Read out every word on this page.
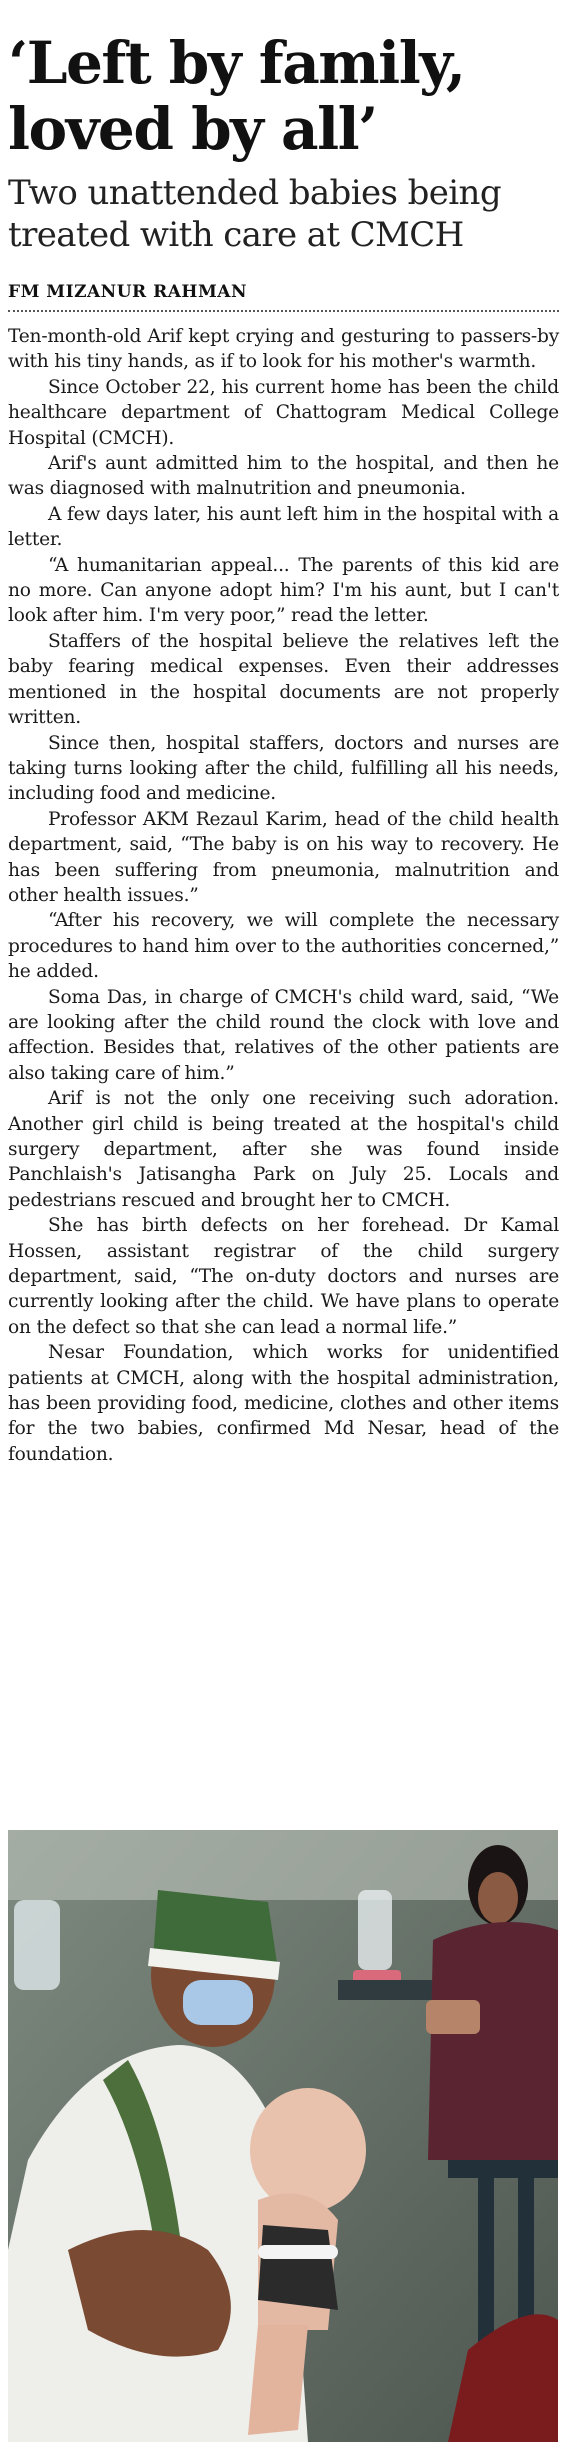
‘Left by family,
loved by all’
Two unattended babies being treated with care at CMCH
FM MIZANUR RAHMAN

Ten-month-old Arif kept crying and gesturing to passers-by with his tiny hands, as if to look for his mother's warmth.

Since October 22, his current home has been the child healthcare department of Chattogram Medical College Hospital (CMCH).

Arif's aunt admitted him to the hospital, and then he was diagnosed with malnutrition and pneumonia.

A few days later, his aunt left him in the hospital with a letter.

“A humanitarian appeal... The parents of this kid are no more. Can anyone adopt him? I'm his aunt, but I can't look after him. I'm very poor,” read the letter.

Staffers of the hospital believe the relatives left the baby fearing medical expenses. Even their addresses mentioned in the hospital documents are not properly written.

Since then, hospital staffers, doctors and nurses are taking turns looking after the child, fulfilling all his needs, including food and medicine.

Professor AKM Rezaul Karim, head of the child health department, said, “The baby is on his way to recovery. He has been suffering from pneumonia, malnutrition and other health issues.”

“After his recovery, we will complete the necessary procedures to hand him over to the authorities concerned,” he added.

Soma Das, in charge of CMCH's child ward, said, “We are looking after the child round the clock with love and affection. Besides that, relatives of the other patients are also taking care of him.”

Arif is not the only one receiving such adoration. Another girl child is being treated at the hospital's child surgery department, after she was found inside Panchlaish's Jatisangha Park on July 25. Locals and pedestrians rescued and brought her to CMCH.

She has birth defects on her forehead. Dr Kamal Hossen, assistant registrar of the child surgery department, said, “The on-duty doctors and nurses are currently looking after the child. We have plans to operate on the defect so that she can lead a normal life.”

Nesar Foundation, which works for unidentified patients at CMCH, along with the hospital administration, has been providing food, medicine, clothes and other items for the two babies, confirmed Md Nesar, head of the foundation.
